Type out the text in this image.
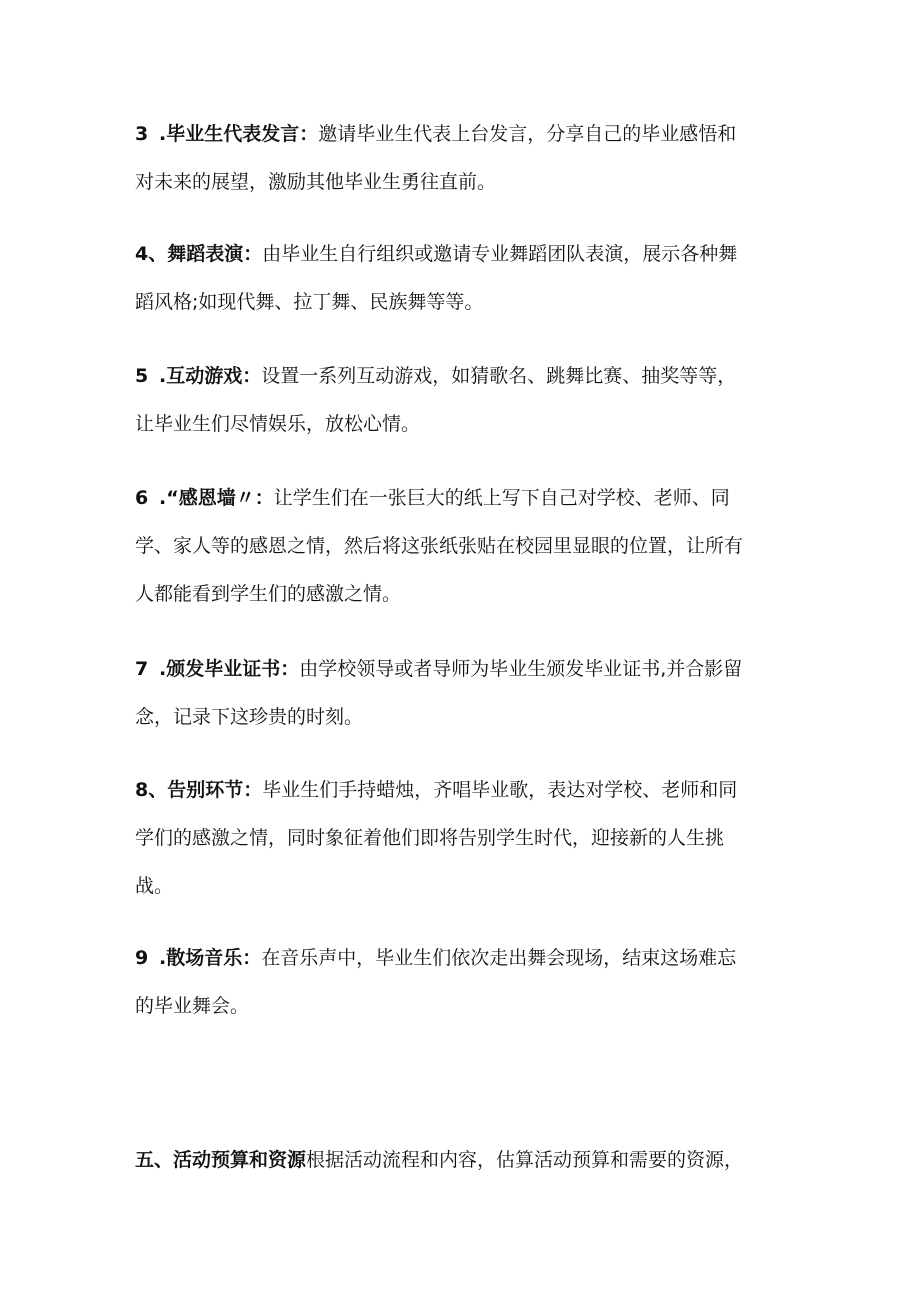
3 .毕业生代表发言：邀请毕业生代表上台发言，分享自己的毕业感悟和

对未来的展望，激励其他毕业生勇往直前。

4、舞蹈表演：由毕业生自行组织或邀请专业舞蹈团队表演，展示各种舞

蹈风格;如现代舞、拉丁舞、民族舞等等。

5 .互动游戏：设置一系列互动游戏，如猜歌名、跳舞比赛、抽奖等等，

让毕业生们尽情娱乐，放松心情。

6 .“感恩墙〃：让学生们在一张巨大的纸上写下自己对学校、老师、同

学、家人等的感恩之情，然后将这张纸张贴在校园里显眼的位置，让所有

人都能看到学生们的感激之情。

7 .颁发毕业证书：由学校领导或者导师为毕业生颁发毕业证书,并合影留

念，记录下这珍贵的时刻。

8、告别环节：毕业生们手持蜡烛，齐唱毕业歌，表达对学校、老师和同

学们的感激之情，同时象征着他们即将告别学生时代，迎接新的人生挑

战。

9 .散场音乐：在音乐声中，毕业生们依次走出舞会现场，结束这场难忘

的毕业舞会。

五、活动预算和资源根据活动流程和内容，估算活动预算和需要的资源，
